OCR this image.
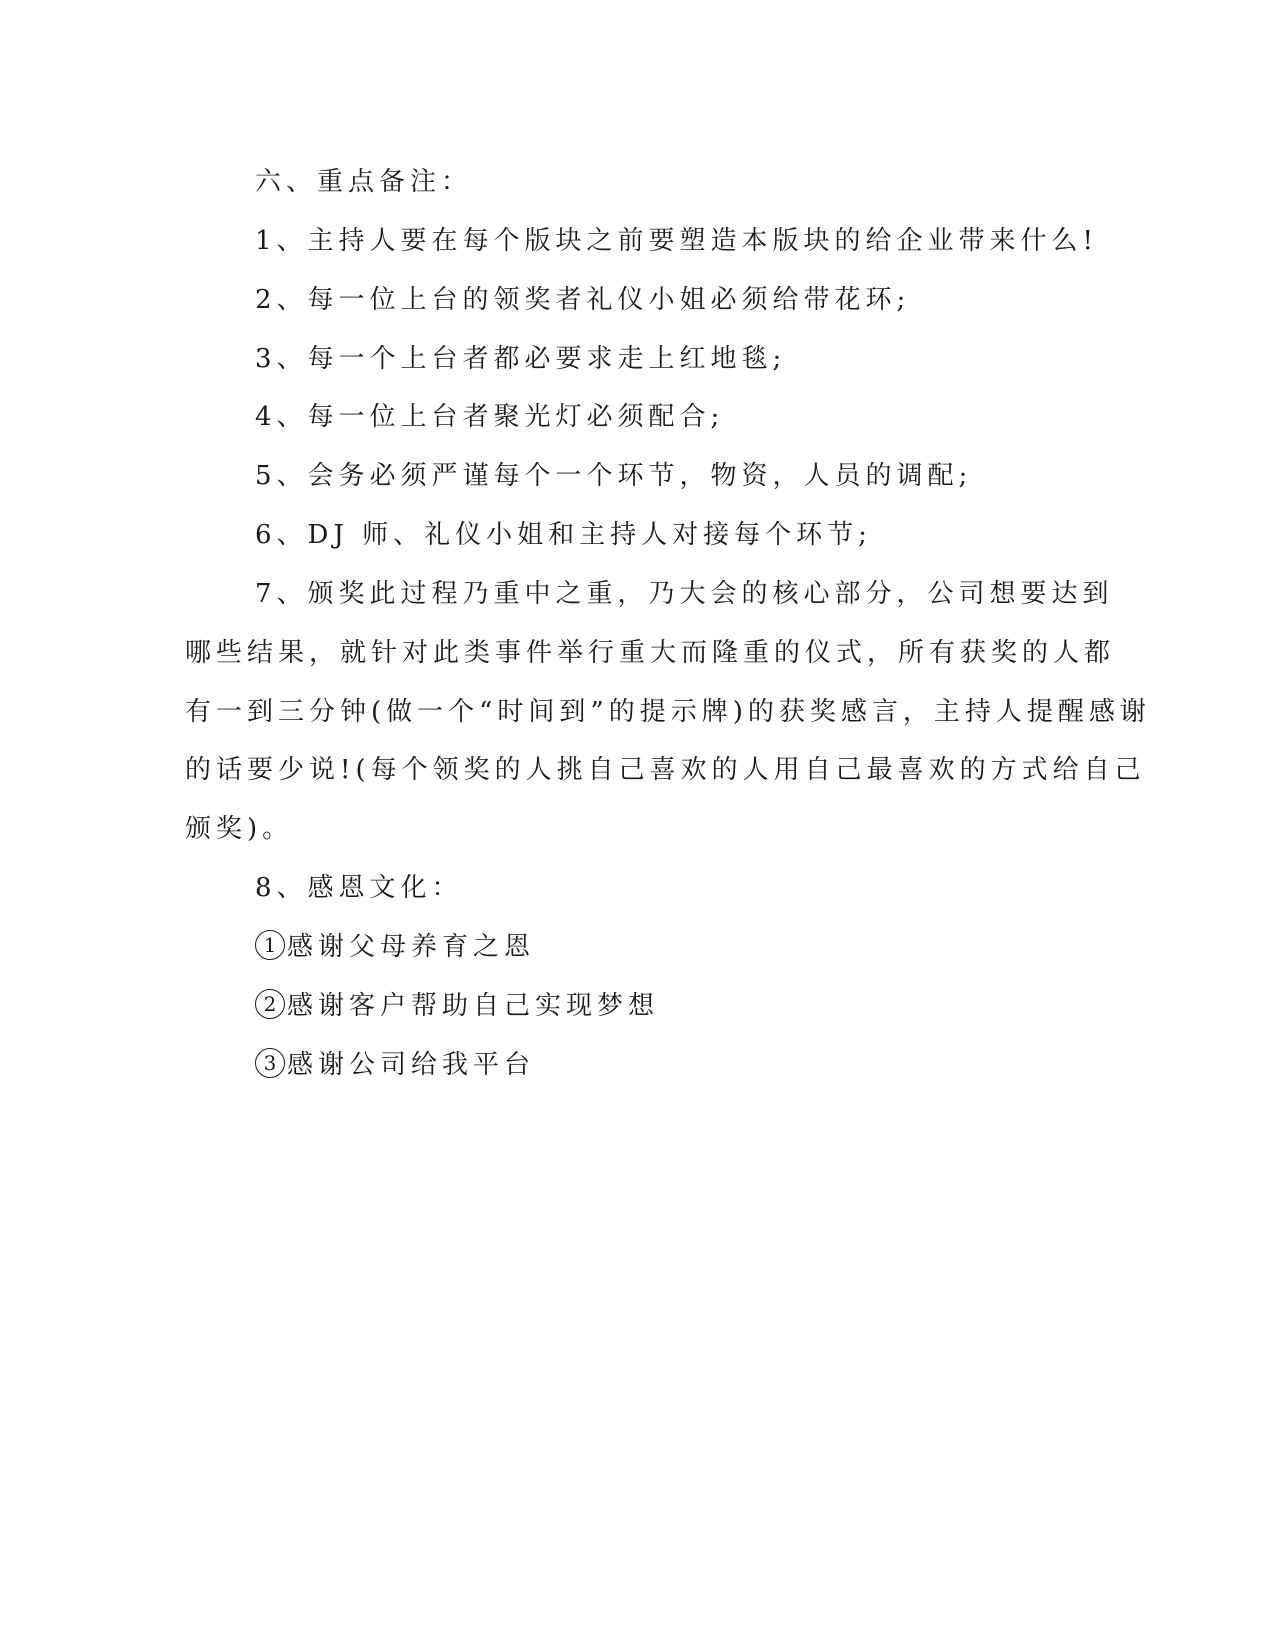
六、重点备注：
1、主持人要在每个版块之前要塑造本版块的给企业带来什么!
2、每一位上台的领奖者礼仪小姐必须给带花环;
3、每一个上台者都必要求走上红地毯;
4、每一位上台者聚光灯必须配合;
5、会务必须严谨每个一个环节，物资，人员的调配;
6、DJ 师、礼仪小姐和主持人对接每个环节;
7、颁奖此过程乃重中之重，乃大会的核心部分，公司想要达到
哪些结果，就针对此类事件举行重大而隆重的仪式，所有获奖的人都
有一到三分钟(做一个“时间到”的提示牌)的获奖感言，主持人提醒感谢
的话要少说!(每个领奖的人挑自己喜欢的人用自己最喜欢的方式给自己
颁奖)。
8、感恩文化：
1 感谢父母养育之恩
2 感谢客户帮助自己实现梦想
3 感谢公司给我平台
